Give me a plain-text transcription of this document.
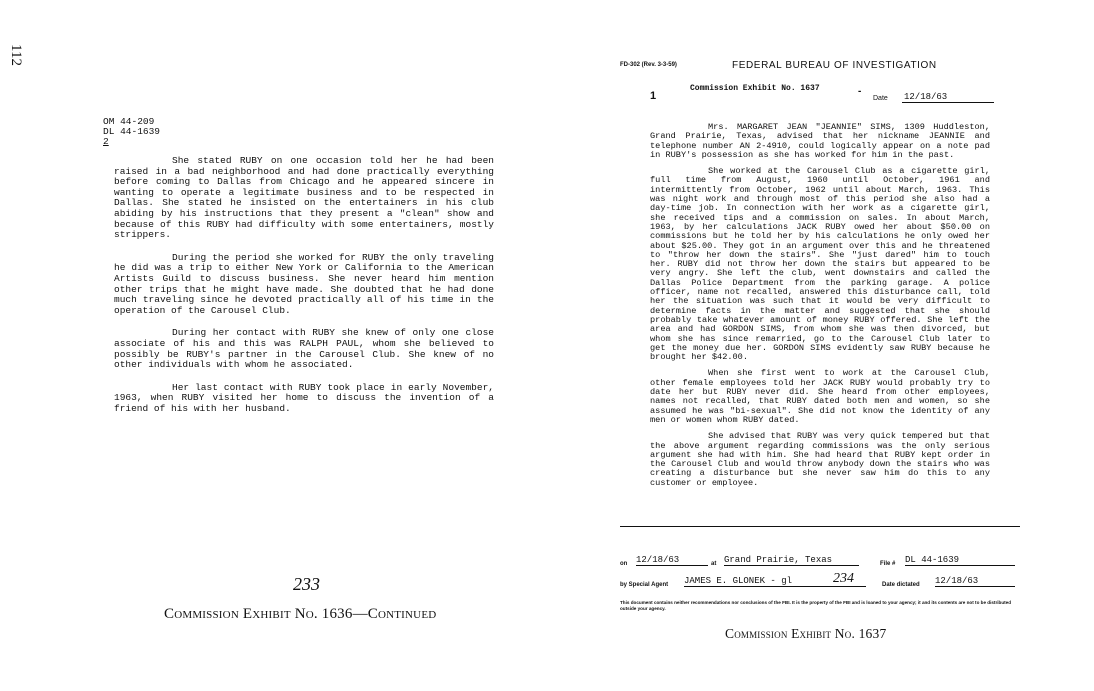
112
OM 44-209
DL 44-1639
2

She stated RUBY on one occasion told her he had been raised in a bad neighborhood and had done practically everything before coming to Dallas from Chicago and he appeared sincere in wanting to operate a legitimate business and to be respected in Dallas. She stated he insisted on the entertainers in his club abiding by his instructions that they present a "clean" show and because of this RUBY had difficulty with some entertainers, mostly strippers.

During the period she worked for RUBY the only traveling he did was a trip to either New York or California to the American Artists Guild to discuss business. She never heard him mention other trips that he might have made. She doubted that he had done much traveling since he devoted practically all of his time in the operation of the Carousel Club.

During her contact with RUBY she knew of only one close associate of his and this was RALPH PAUL, whom she believed to possibly be RUBY's partner in the Carousel Club. She knew of no other individuals with whom he associated.

Her last contact with RUBY took place in early November, 1963, when RUBY visited her home to discuss the invention of a friend of his with her husband.

233
Commission Exhibit No. 1636—Continued
FD-302 (Rev. 3-3-59)	FEDERAL BUREAU OF INVESTIGATION
1
Commission Exhibit No. 1637	-
Date 12/18/63

Mrs. MARGARET JEAN "JEANNIE" SIMS, 1309 Huddleston, Grand Prairie, Texas, advised that her nickname JEANNIE and telephone number AN 2-4910, could logically appear on a note pad in RUBY's possession as she has worked for him in the past.

She worked at the Carousel Club as a cigarette girl, full time from August, 1960 until October, 1961 and intermittently from October, 1962 until about March, 1963. This was night work and through most of this period she also had a day-time job. In connection with her work as a cigarette girl, she received tips and a commission on sales. In about March, 1963, by her calculations JACK RUBY owed her about $50.00 on commissions but he told her by his calculations he only owed her about $25.00. They got in an argument over this and he threatened to "throw her down the stairs". She "just dared" him to touch her. RUBY did not throw her down the stairs but appeared to be very angry. She left the club, went downstairs and called the Dallas Police Department from the parking garage. A police officer, name not recalled, answered this disturbance call, told her the situation was such that it would be very difficult to determine facts in the matter and suggested that she should probably take whatever amount of money RUBY offered. She left the area and had GORDON SIMS, from whom she was then divorced, but whom she has since remarried, go to the Carousel Club later to get the money due her. GORDON SIMS evidently saw RUBY because he brought her $42.00.

When she first went to work at the Carousel Club, other female employees told her JACK RUBY would probably try to date her but RUBY never did. She heard from other employees, names not recalled, that RUBY dated both men and women, so she assumed he was "bi-sexual". She did not know the identity of any men or women whom RUBY dated.

She advised that RUBY was very quick tempered but that the above argument regarding commissions was the only serious argument she had with him. She had heard that RUBY kept order in the Carousel Club and would throw anybody down the stairs who was creating a disturbance but she never saw him do this to any customer or employee.

on 12/18/63	at Grand Prairie, Texas	File # DL 44-1639
by Special Agent JAMES E. GLONEK - gl	234	Date dictated 12/18/63
This document contains neither recommendations nor conclusions of the FBI. It is the property of the FBI and is loaned to your agency; it and its contents are not to be distributed outside your agency.
Commission Exhibit No. 1637
